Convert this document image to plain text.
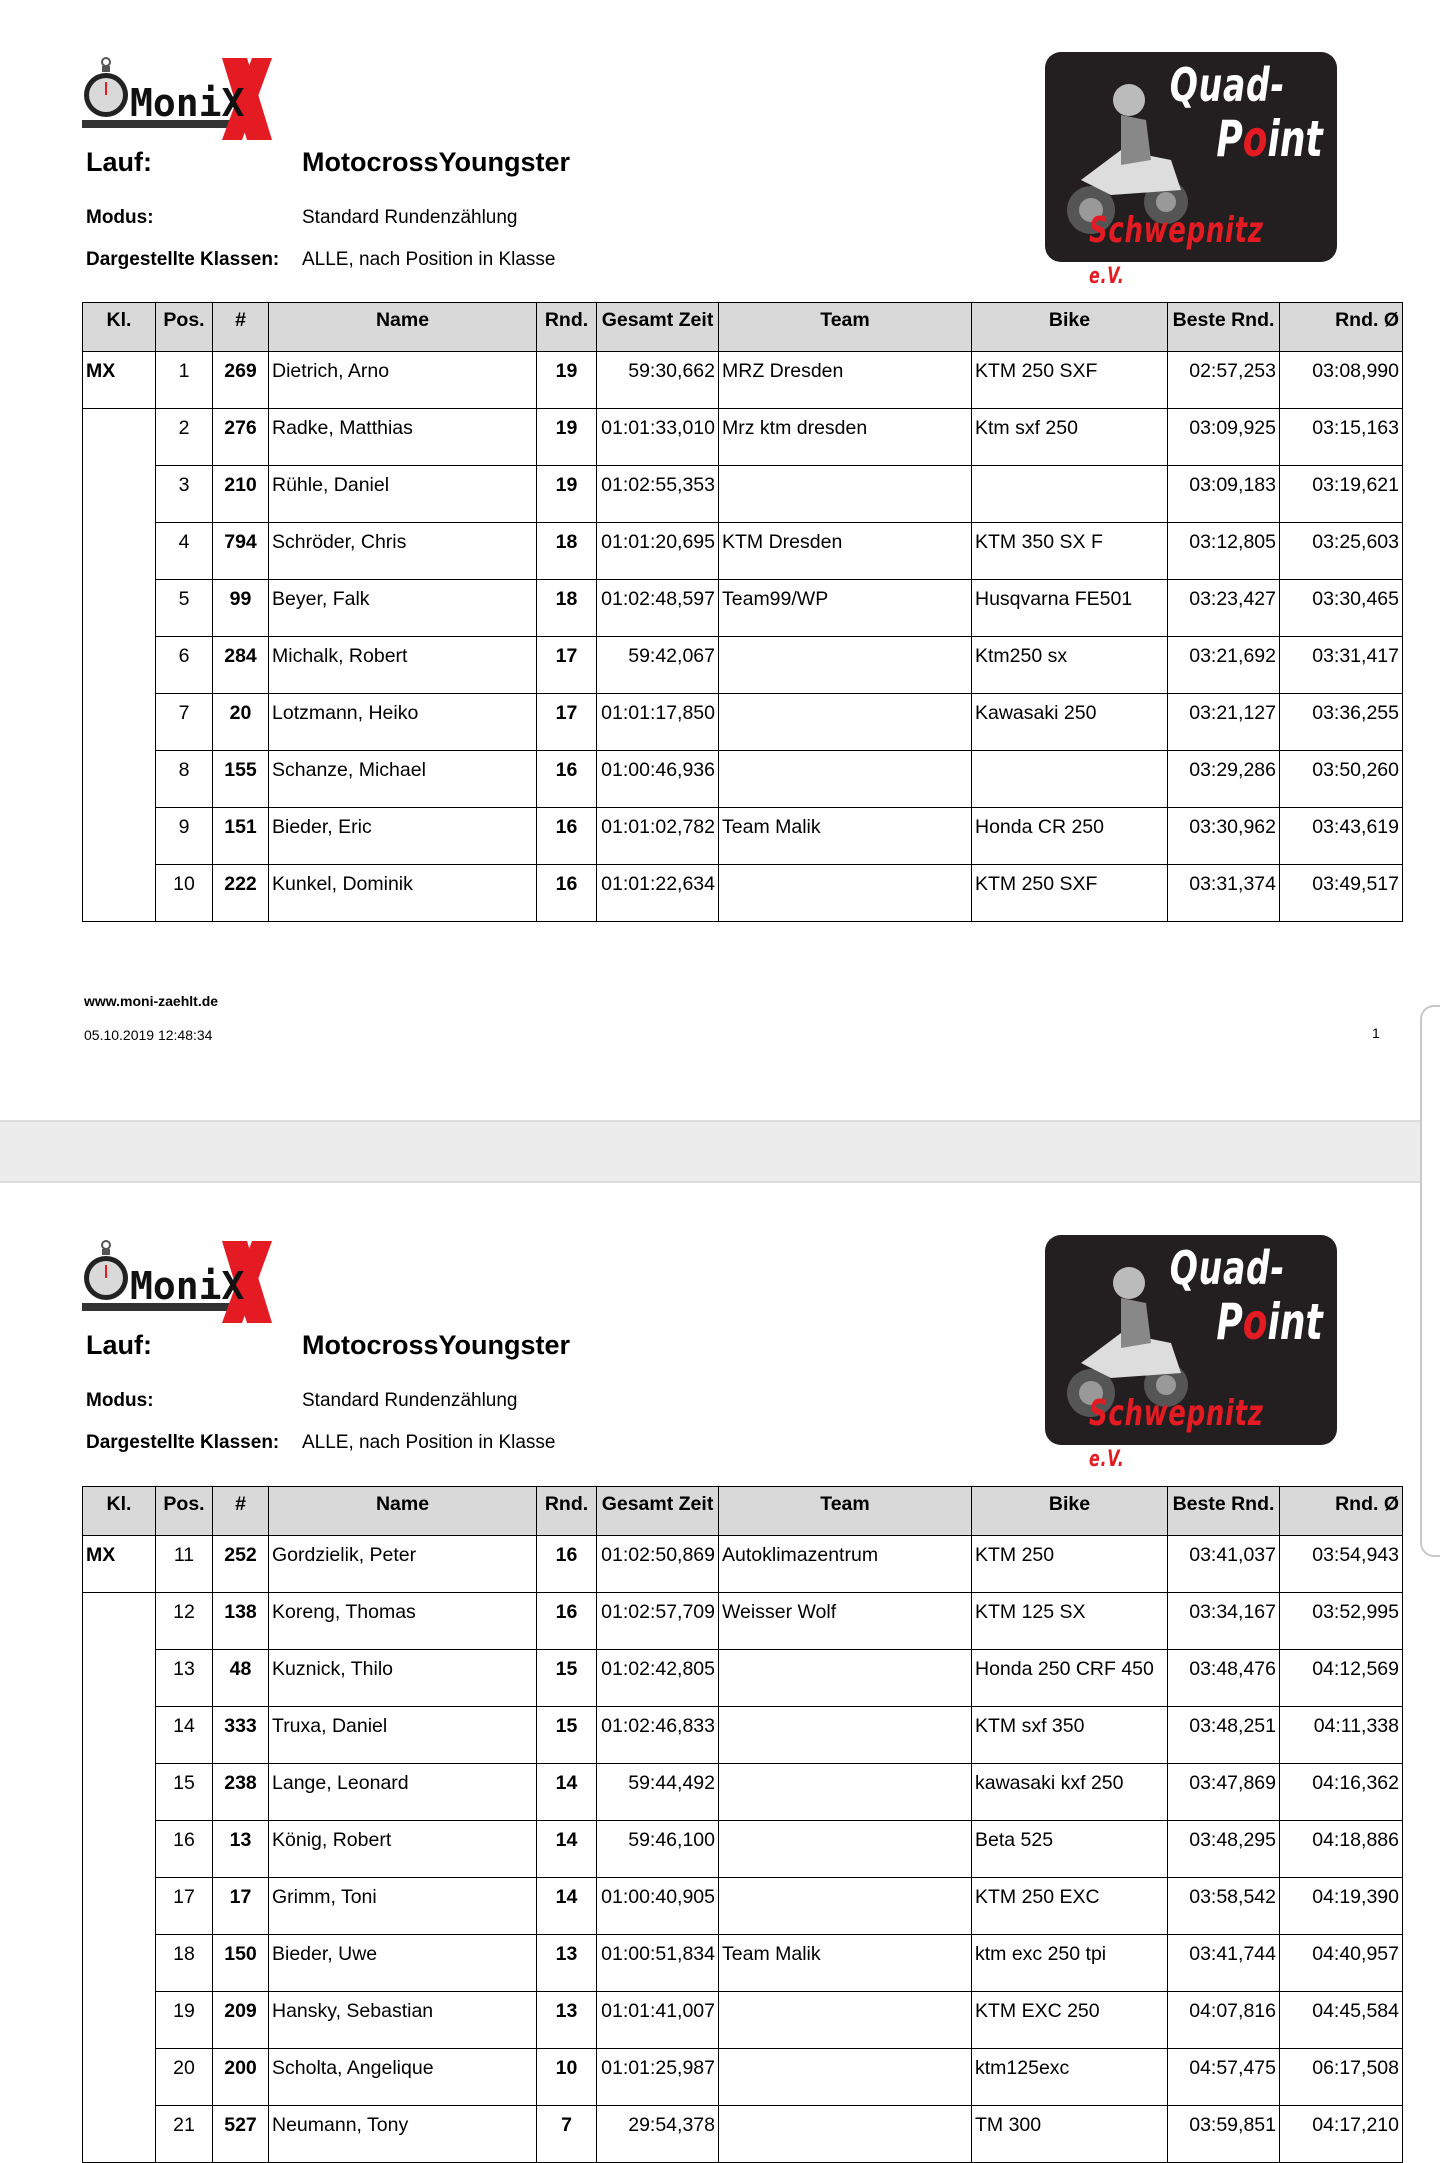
MoniX	Quad-
Point
Schwepnitz e.V.
Lauf:	MotocrossYoungster
Modus:	Standard Rundenzählung
Dargestellte Klassen: ALLE, nach Position in Klasse
Kl.	Pos.	#	Name	Rnd.	Gesamt Zeit	Team	Bike	Beste Rnd.	Rnd. Ø
MX	1	269	Dietrich, Arno	19	59:30,662	MRZ Dresden	KTM 250 SXF	02:57,253	03:08,990
	2	276	Radke, Matthias	19	01:01:33,010	Mrz ktm dresden	Ktm sxf 250	03:09,925	03:15,163
	3	210	Rühle, Daniel	19	01:02:55,353			03:09,183	03:19,621
	4	794	Schröder, Chris	18	01:01:20,695	KTM Dresden	KTM 350 SX F	03:12,805	03:25,603
	5	99	Beyer, Falk	18	01:02:48,597	Team99/WP	Husqvarna FE501	03:23,427	03:30,465
	6	284	Michalk, Robert	17	59:42,067		Ktm250 sx	03:21,692	03:31,417
	7	20	Lotzmann, Heiko	17	01:01:17,850		Kawasaki 250	03:21,127	03:36,255
	8	155	Schanze, Michael	16	01:00:46,936			03:29,286	03:50,260
	9	151	Bieder, Eric	16	01:01:02,782	Team Malik	Honda CR 250	03:30,962	03:43,619
	10	222	Kunkel, Dominik	16	01:01:22,634		KTM 250 SXF	03:31,374	03:49,517
www.moni-zaehlt.de
05.10.2019 12:48:34	1
MoniX	Quad-
Point
Schwepnitz e.V.
Lauf:	MotocrossYoungster
Modus:	Standard Rundenzählung
Dargestellte Klassen: ALLE, nach Position in Klasse
Kl.	Pos.	#	Name	Rnd.	Gesamt Zeit	Team	Bike	Beste Rnd.	Rnd. Ø
MX	11	252	Gordzielik, Peter	16	01:02:50,869	Autoklimazentrum	KTM 250	03:41,037	03:54,943
	12	138	Koreng, Thomas	16	01:02:57,709	Weisser Wolf	KTM 125 SX	03:34,167	03:52,995
	13	48	Kuznick, Thilo	15	01:02:42,805		Honda 250 CRF 450	03:48,476	04:12,569
	14	333	Truxa, Daniel	15	01:02:46,833		KTM sxf 350	03:48,251	04:11,338
	15	238	Lange, Leonard	14	59:44,492		kawasaki kxf 250	03:47,869	04:16,362
	16	13	König, Robert	14	59:46,100		Beta 525	03:48,295	04:18,886
	17	17	Grimm, Toni	14	01:00:40,905		KTM 250 EXC	03:58,542	04:19,390
	18	150	Bieder, Uwe	13	01:00:51,834	Team Malik	ktm exc 250 tpi	03:41,744	04:40,957
	19	209	Hansky, Sebastian	13	01:01:41,007		KTM EXC 250	04:07,816	04:45,584
	20	200	Scholta, Angelique	10	01:01:25,987		ktm125exc	04:57,475	06:17,508
	21	527	Neumann, Tony	7	29:54,378		TM 300	03:59,851	04:17,210
